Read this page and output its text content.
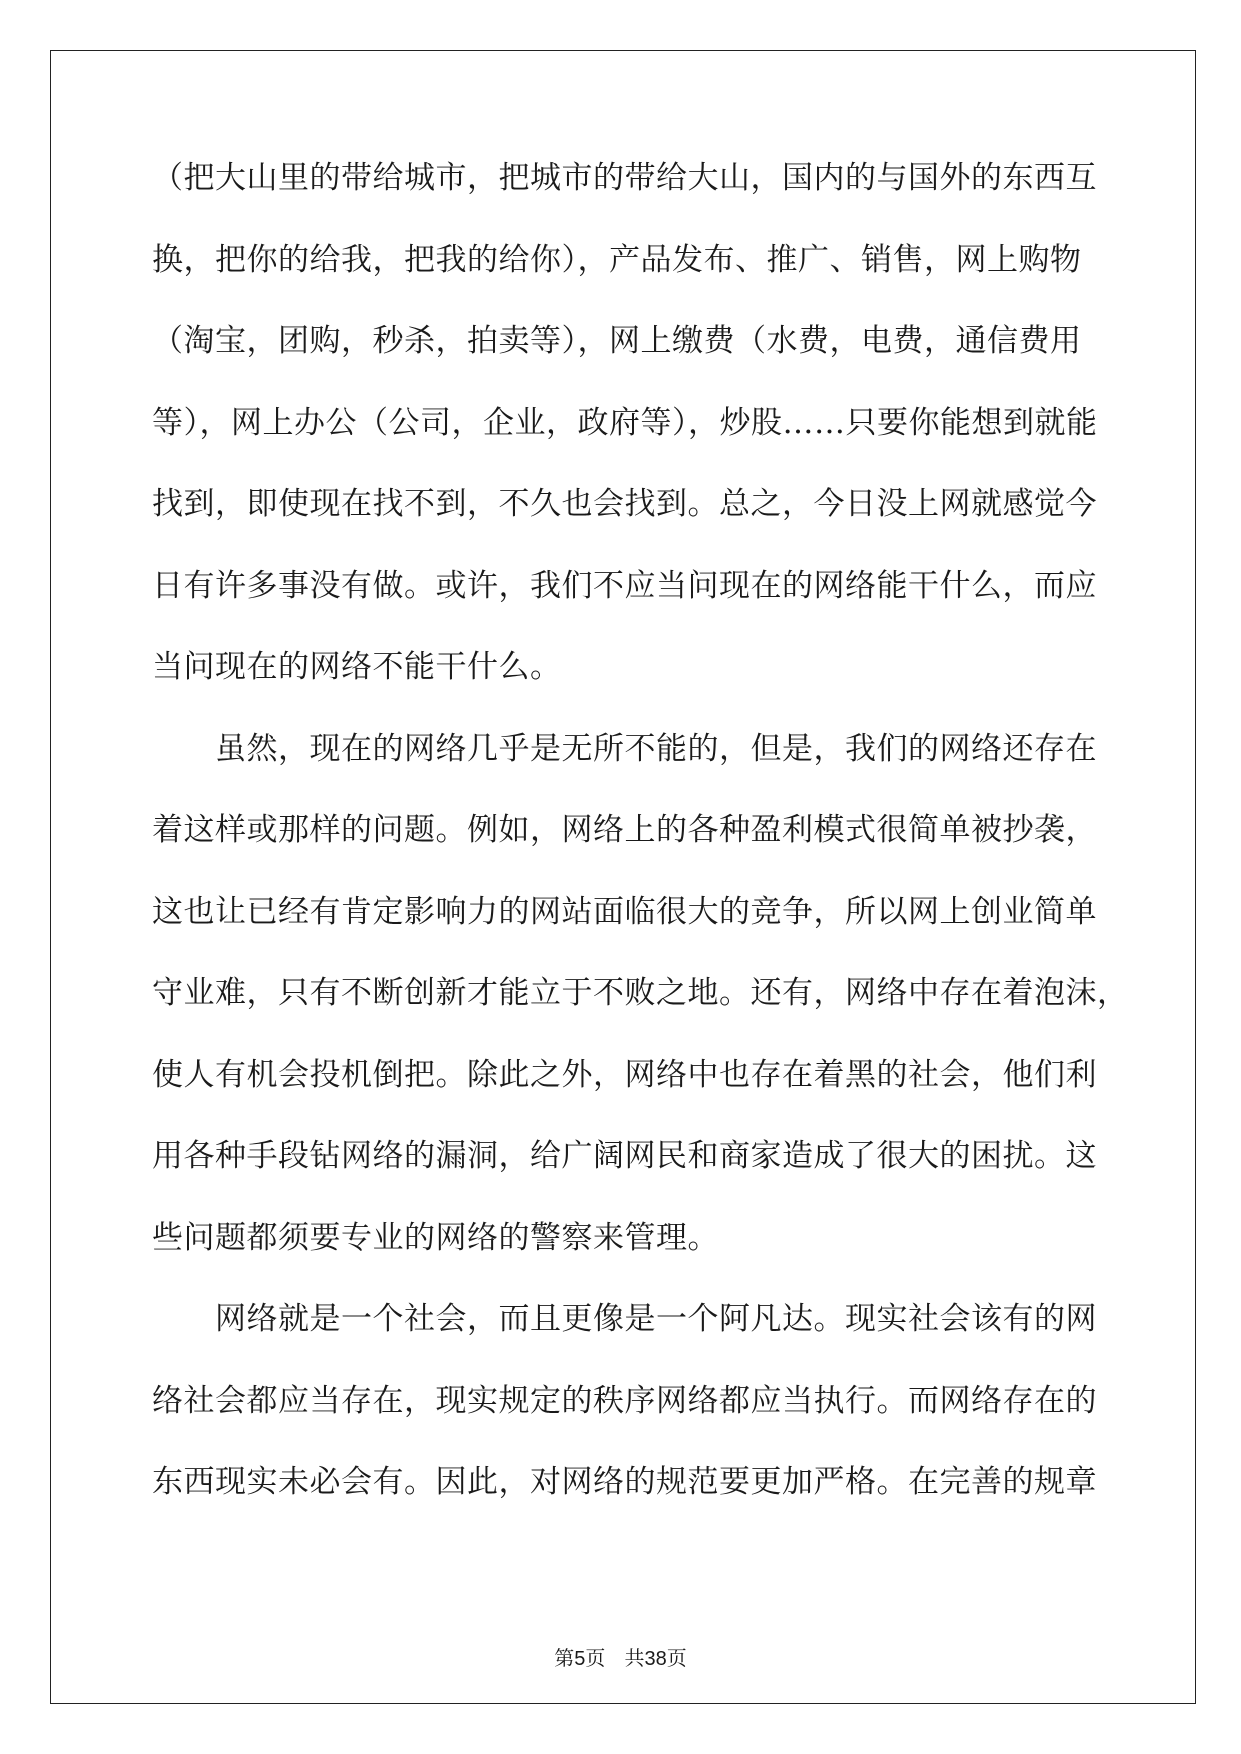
（把大山里的带给城市，把城市的带给大山，国内的与国外的东西互
换，把你的给我，把我的给你），产品发布、推广、销售，网上购物
（淘宝，团购，秒杀，拍卖等），网上缴费（水费，电费，通信费用
等），网上办公（公司，企业，政府等），炒股……只要你能想到就能
找到，即使现在找不到，不久也会找到。总之，今日没上网就感觉今
日有许多事没有做。或许，我们不应当问现在的网络能干什么，而应
当问现在的网络不能干什么。
　　虽然，现在的网络几乎是无所不能的，但是，我们的网络还存在
着这样或那样的问题。例如，网络上的各种盈利模式很简单被抄袭，
这也让已经有肯定影响力的网站面临很大的竞争，所以网上创业简单
守业难，只有不断创新才能立于不败之地。还有，网络中存在着泡沫，
使人有机会投机倒把。除此之外，网络中也存在着黑的社会，他们利
用各种手段钻网络的漏洞，给广阔网民和商家造成了很大的困扰。这
些问题都须要专业的网络的警察来管理。
　　网络就是一个社会，而且更像是一个阿凡达。现实社会该有的网
络社会都应当存在，现实规定的秩序网络都应当执行。而网络存在的
东西现实未必会有。因此，对网络的规范要更加严格。在完善的规章
第5页 共38页
